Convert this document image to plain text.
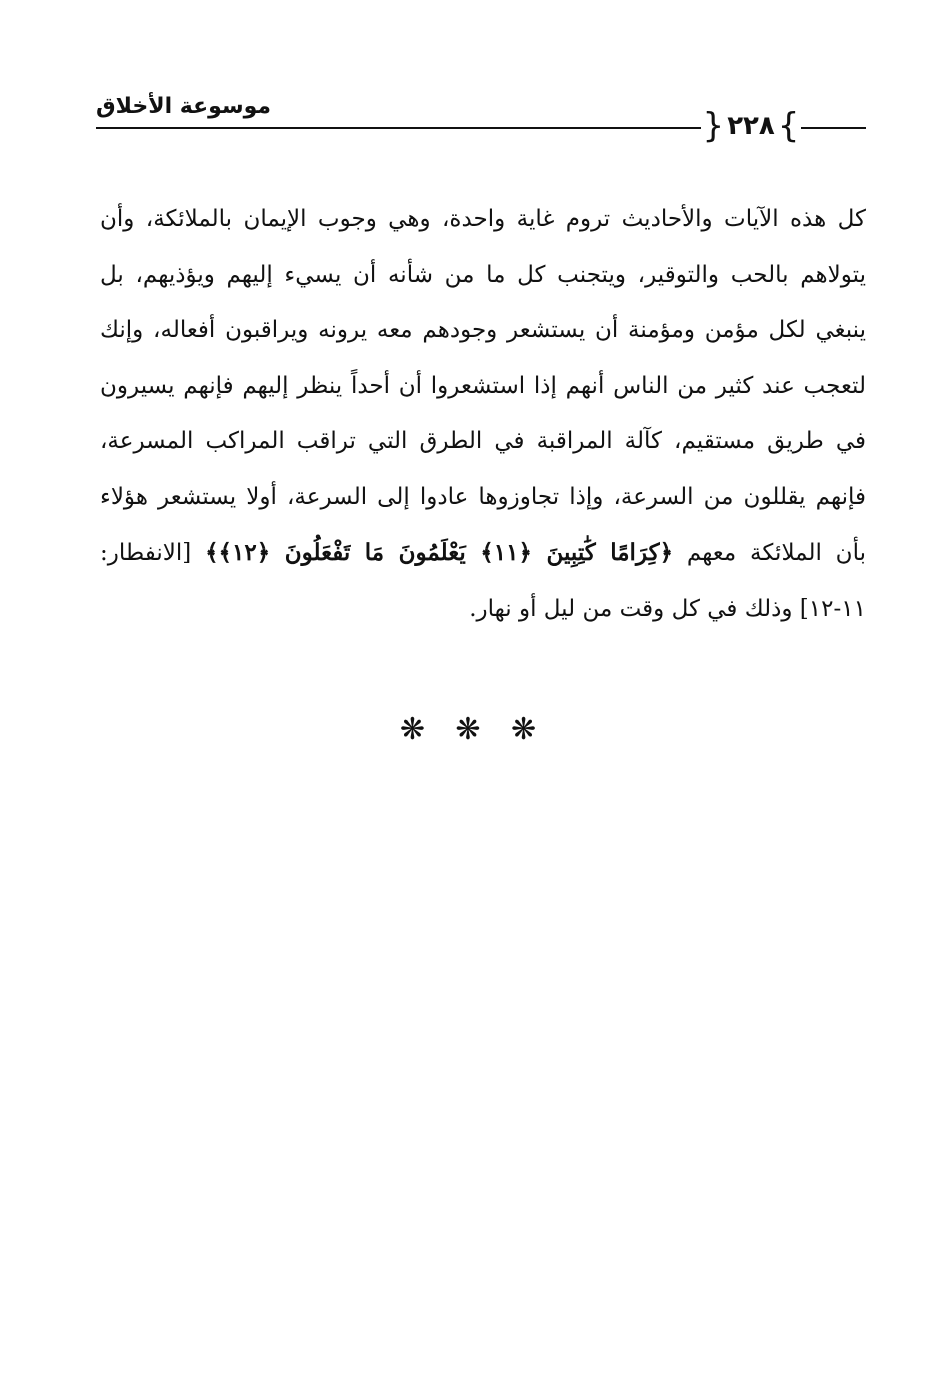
موسوعة الأخلاق	}
٢٢٨
{
كل هذه الآيات والأحاديث تروم غاية واحدة، وهي وجوب الإيمان بالملائكة، وأن يتولاهم بالحب والتوقير، ويتجنب كل ما من شأنه أن يسيء إليهم ويؤذيهم، بل ينبغي لكل مؤمن ومؤمنة أن يستشعر وجودهم معه يرونه ويراقبون أفعاله، وإنك لتعجب عند كثير من الناس أنهم إذا استشعروا أن أحداً ينظر إليهم فإنهم يسيرون في طريق مستقيم، كآلة المراقبة في الطرق التي تراقب المراكب المسرعة، فإنهم يقللون من السرعة، وإذا تجاوزوها عادوا إلى السرعة، أولا يستشعر هؤلاء بأن الملائكة معهم ﴿كِرَامًا كَٰتِبِينَ ﴿١١﴾ يَعْلَمُونَ مَا تَفْعَلُونَ ﴿١٢﴾﴾ [الانفطار: ١١-١٢] وذلك في كل وقت من ليل أو نهار.
❋ ❋ ❋
